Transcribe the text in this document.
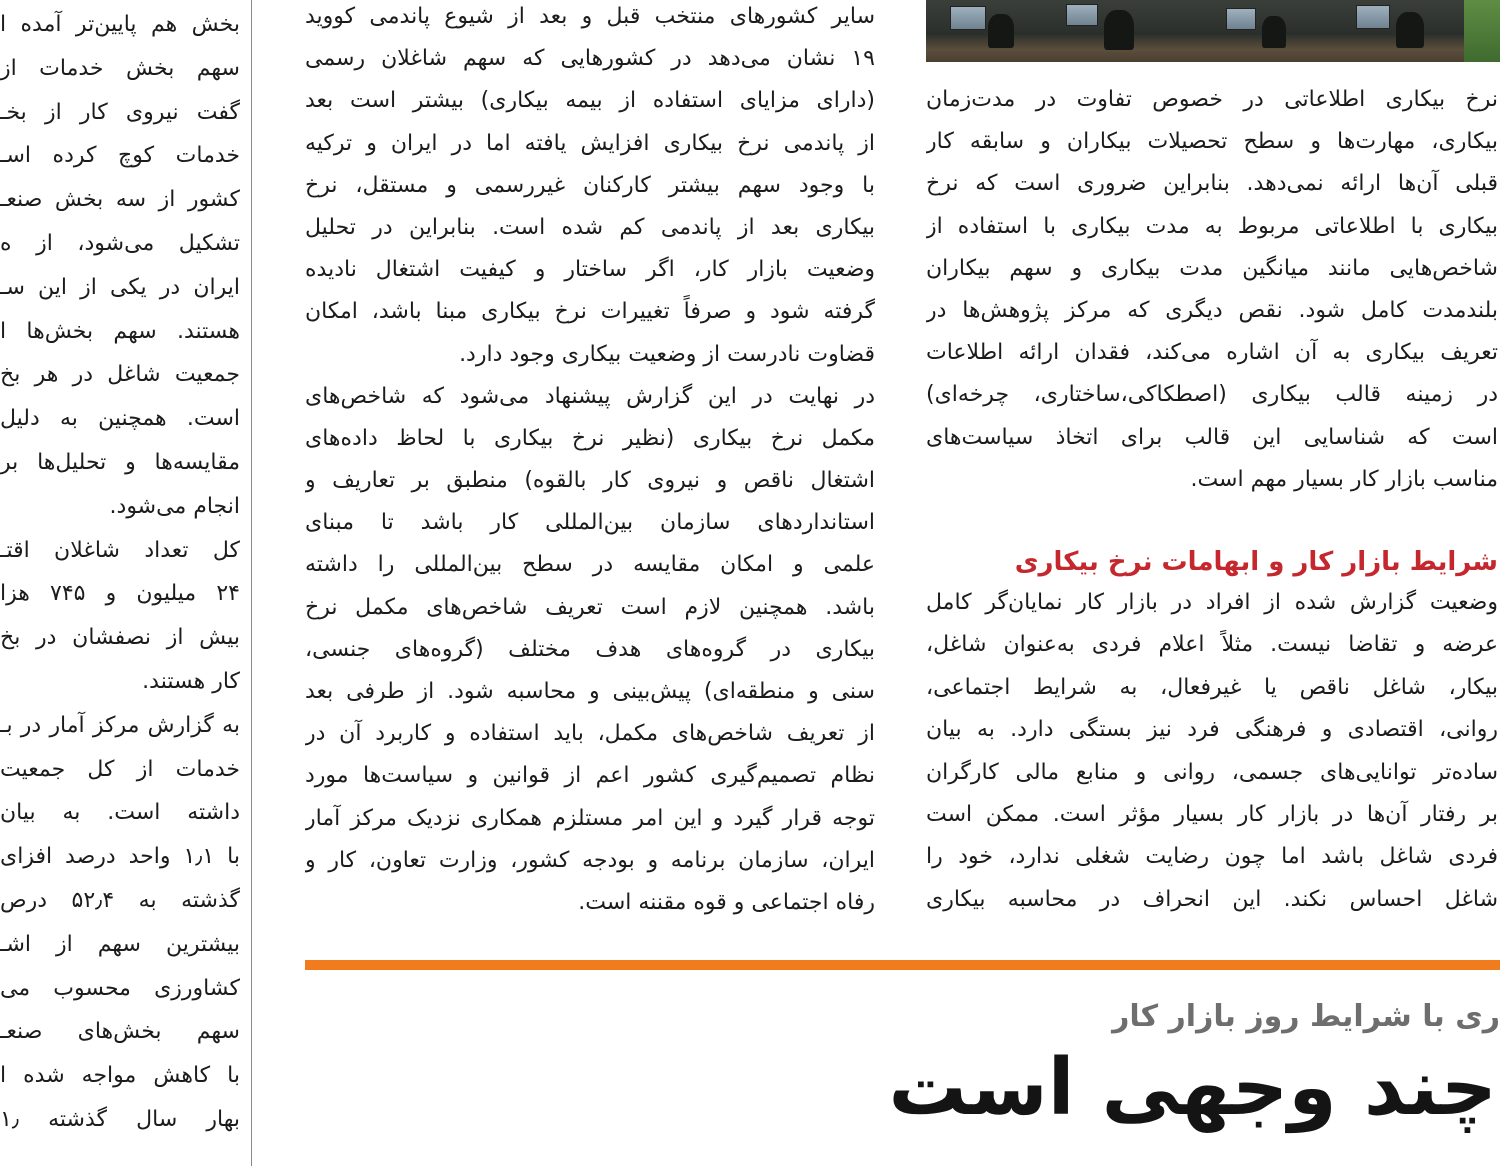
بخش هم پایین‌تر آمده ا
سهم بخش خدمات از
گفت نیروی کار از بخـ
خدمات کوچ کرده اسـ
کشور از سه بخش صنعـ
تشکیل می‌شود، از ه
ایران در یکی از این سـ
هستند. سهم بخش‌ها ا
جمعیت شاغل در هر بخ
است. همچنین به دلیل
مقایسه‌ها و تحلیل‌ها بر
انجام می‌شود.
کل تعداد شاغلان اقتـ
۲۴ میلیون و ۷۴۵ هزا
بیش از نصفشان در بخ
کار هستند.
به گزارش مرکز آمار در بـ
خدمات از کل جمعیت
داشته است. به بیان
با ۱٫۱ واحد درصد افزای
گذشته به ۵۲٫۴ درص
بیشترین سهم از اشـ
کشاورزی محسوب می‌
سهم بخش‌های صنعـ
با کاهش مواجه شده ا
بهار سال گذشته ۱٫
سایر کشورهای منتخب قبل و بعد از شیوع پاندمی کووید
۱۹ نشان می‌دهد در کشورهایی که سهم شاغلان رسمی
(دارای مزایای استفاده از بیمه بیکاری) بیشتر است بعد
از پاندمی نرخ بیکاری افزایش یافته اما در ایران و ترکیه
با وجود سهم بیشتر کارکنان غیررسمی و مستقل، نرخ
بیکاری بعد از پاندمی کم شده است. بنابراین در تحلیل
وضعیت بازار کار، اگر ساختار و کیفیت اشتغال نادیده
گرفته شود و صرفاً تغییرات نرخ بیکاری مبنا باشد، امکان
قضاوت نادرست از وضعیت بیکاری وجود دارد.
در نهایت در این گزارش پیشنهاد می‌شود که شاخص‌های
مکمل نرخ بیکاری (نظیر نرخ بیکاری با لحاظ داده‌های
اشتغال ناقص و نیروی کار بالقوه) منطبق بر تعاریف و
استانداردهای سازمان بین‌المللی کار باشد تا مبنای
علمی و امکان مقایسه در سطح بین‌المللی را داشته
باشد. همچنین لازم است تعریف شاخص‌های مکمل نرخ
بیکاری در گروه‌های هدف مختلف (گروه‌های جنسی،
سنی و منطقه‌ای) پیش‌بینی و محاسبه شود. از طرفی بعد
از تعریف شاخص‌های مکمل، باید استفاده و کاربرد آن در
نظام تصمیم‌گیری کشور اعم از قوانین و سیاست‌ها مورد
توجه قرار گیرد و این امر مستلزم همکاری نزدیک مرکز آمار
ایران، سازمان برنامه و بودجه کشور، وزارت تعاون، کار و
رفاه اجتماعی و قوه مقننه است.
نرخ بیکاری اطلاعاتی در خصوص تفاوت در مدت‌زمان
بیکاری، مهارت‌ها و سطح تحصیلات بیکاران و سابقه کار
قبلی آن‌ها ارائه نمی‌دهد. بنابراین ضروری است که نرخ
بیکاری با اطلاعاتی مربوط به مدت بیکاری با استفاده از
شاخص‌هایی مانند میانگین مدت بیکاری و سهم بیکاران
بلندمدت کامل شود. نقص دیگری که مرکز پژوهش‌ها در
تعریف بیکاری به آن اشاره می‌کند، فقدان ارائه اطلاعات
در زمینه قالب بیکاری (اصطکاکی،ساختاری، چرخه‌ای)
است که شناسایی این قالب برای اتخاذ سیاست‌های
مناسب بازار کار بسیار مهم است.
شرایط بازار کار و ابهامات نرخ بیکاری
وضعیت گزارش شده از افراد در بازار کار نمایان‌گر کامل
عرضه و تقاضا نیست. مثلاً اعلام فردی به‌عنوان شاغل،
بیکار، شاغل ناقص یا غیرفعال، به شرایط اجتماعی،
روانی، اقتصادی و فرهنگی فرد نیز بستگی دارد. به بیان
ساده‌تر توانایی‌های جسمی، روانی و منابع مالی کارگران
بر رفتار آن‌ها در بازار کار بسیار مؤثر است. ممکن است
فردی شاغل باشد اما چون رضایت شغلی ندارد، خود را
شاغل احساس نکند. این انحراف در محاسبه بیکاری
ری با شرایط روز بازار کار
چند وجهی است
